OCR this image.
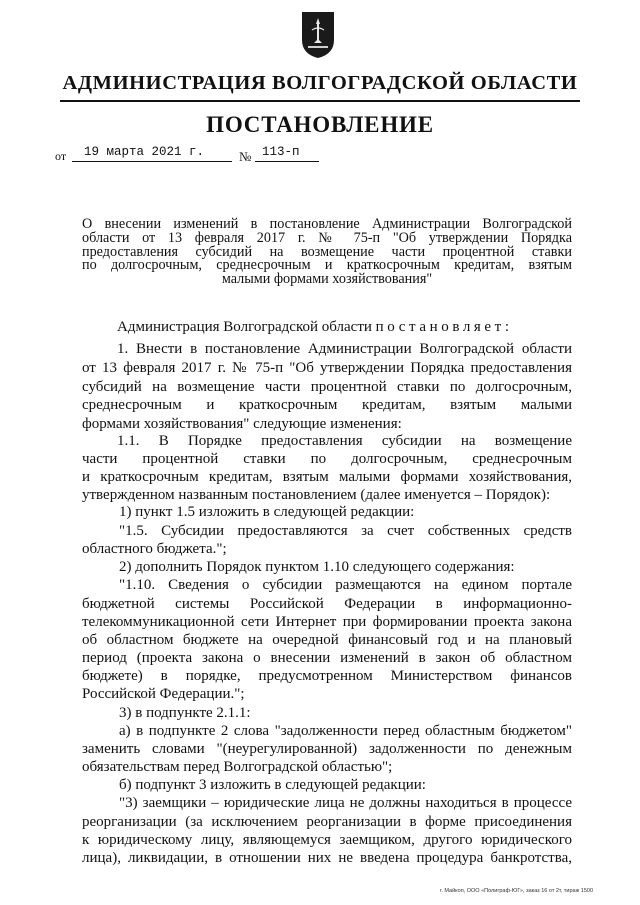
АДМИНИСТРАЦИЯ ВОЛГОГРАДСКОЙ ОБЛАСТИ
ПОСТАНОВЛЕНИЕ
от 19 марта 2021 г.	№ 113-п
О внесении изменений в постановление Администрации Волгоградской
области от 13 февраля 2017 г. № 75-п "Об утверждении Порядка
предоставления субсидий на возмещение части процентной ставки
по долгосрочным, среднесрочным и краткосрочным кредитам, взятым
малыми формами хозяйствования"
Администрация Волгоградской области постановляет:
1. Внести в постановление Администрации Волгоградской области
от 13 февраля 2017 г. № 75-п "Об утверждении Порядка предоставления
субсидий на возмещение части процентной ставки по долгосрочным,
среднесрочным и краткосрочным кредитам, взятым малыми
формами хозяйствования" следующие изменения:
1.1. В Порядке предоставления субсидии на возмещение
части процентной ставки по долгосрочным, среднесрочным
и краткосрочным кредитам, взятым малыми формами хозяйствования,
утвержденном названным постановлением (далее именуется – Порядок):
1) пункт 1.5 изложить в следующей редакции:
"1.5. Субсидии предоставляются за счет собственных средств
областного бюджета.";
2) дополнить Порядок пунктом 1.10 следующего содержания:
"1.10. Сведения о субсидии размещаются на едином портале
бюджетной системы Российской Федерации в информационно-
телекоммуникационной сети Интернет при формировании проекта закона
об областном бюджете на очередной финансовый год и на плановый
период (проекта закона о внесении изменений в закон об областном
бюджете) в порядке, предусмотренном Министерством финансов
Российской Федерации.";
3) в подпункте 2.1.1:
а) в подпункте 2 слова "задолженности перед областным бюджетом"
заменить словами "(неурегулированной) задолженности по денежным
обязательствам перед Волгоградской областью";
б) подпункт 3 изложить в следующей редакции:
"3) заемщики – юридические лица не должны находиться в процессе
реорганизации (за исключением реорганизации в форме присоединения
к юридическому лицу, являющемуся заемщиком, другого юридического
лица), ликвидации, в отношении них не введена процедура банкротства,
г. Майкоп, ООО «Полиграф-ЮГ», заказ 16 от 2т, тираж 1500
